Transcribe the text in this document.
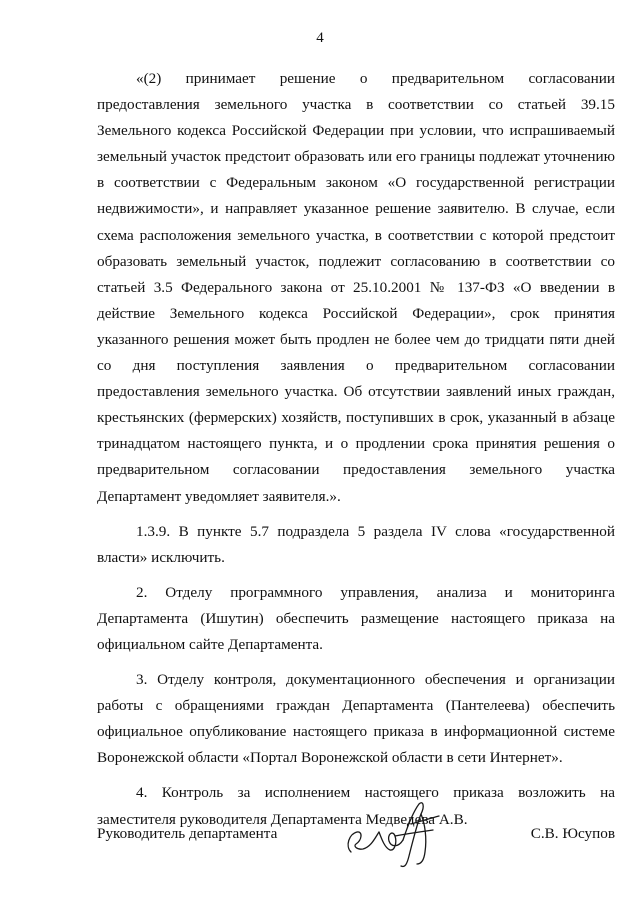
4

«(2) принимает решение о предварительном согласовании предоставления земельного участка в соответствии со статьей 39.15 Земельного кодекса Российской Федерации при условии, что испрашиваемый земельный участок предстоит образовать или его границы подлежат уточнению в соответствии с Федеральным законом «О государственной регистрации недвижимости», и направляет указанное решение заявителю. В случае, если схема расположения земельного участка, в соответствии с которой предстоит образовать земельный участок, подлежит согласованию в соответствии со статьей 3.5 Федерального закона от 25.10.2001 № 137-ФЗ «О введении в действие Земельного кодекса Российской Федерации», срок принятия указанного решения может быть продлен не более чем до тридцати пяти дней со дня поступления заявления о предварительном согласовании предоставления земельного участка. Об отсутствии заявлений иных граждан, крестьянских (фермерских) хозяйств, поступивших в срок, указанный в абзаце тринадцатом настоящего пункта, и о продлении срока принятия решения о предварительном согласовании предоставления земельного участка Департамент уведомляет заявителя.».

1.3.9. В пункте 5.7 подраздела 5 раздела IV слова «государственной власти» исключить.

2. Отделу программного управления, анализа и мониторинга Департамента (Ишутин) обеспечить размещение настоящего приказа на официальном сайте Департамента.

3. Отделу контроля, документационного обеспечения и организации работы с обращениями граждан Департамента (Пантелеева) обеспечить официальное опубликование настоящего приказа в информационной системе Воронежской области «Портал Воронежской области в сети Интернет».

4. Контроль за исполнением настоящего приказа возложить на заместителя руководителя Департамента Медведева А.В.

Руководитель департамента	С.В. Юсупов
